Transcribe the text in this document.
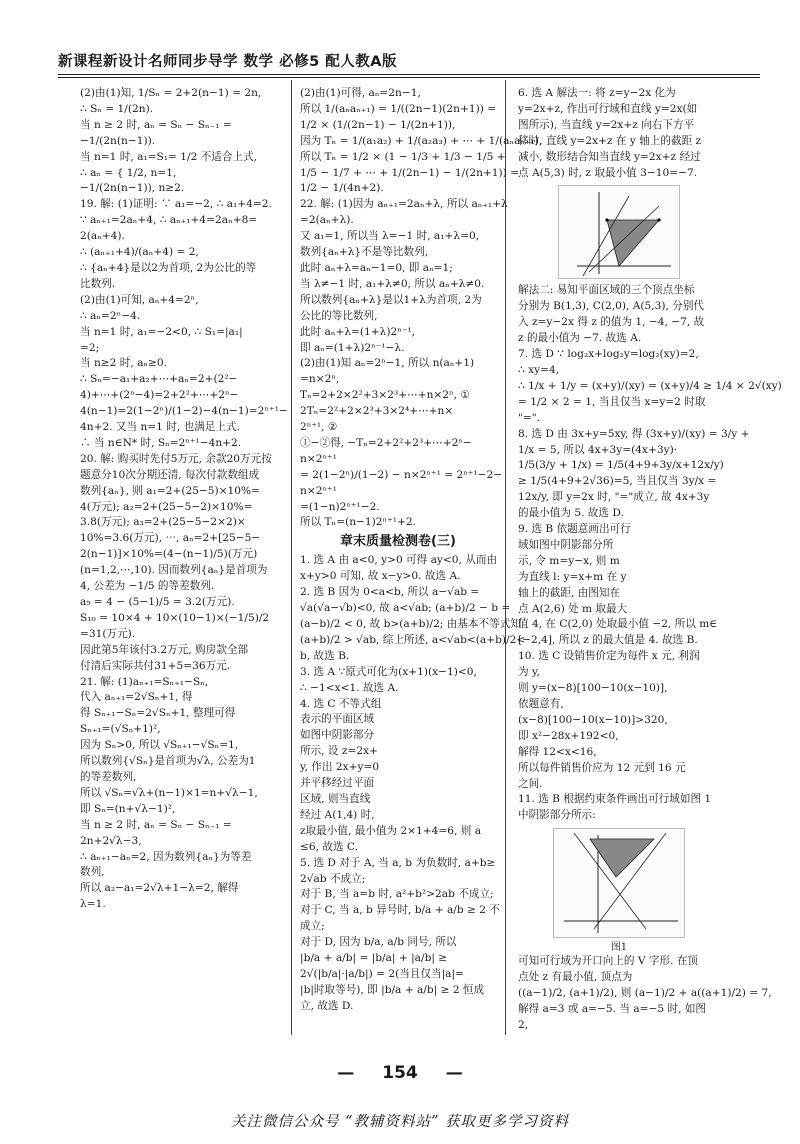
新课程新设计名师同步导学 数学 必修5 配人教A版
(2)由(1)知, 1/Sₙ = 2+2(n−1) = 2n,
∴ Sₙ = 1/(2n).
当 n ≥ 2 时, aₙ = Sₙ − Sₙ₋₁ =
−1/(2n(n−1)).
当 n=1 时, a₁=S₁= 1/2 不适合上式,
∴ aₙ = { 1/2, n=1,
−1/(2n(n−1)), n≥2.
19. 解: (1)证明: ∵ a₁=−2, ∴ a₁+4=2.
∵ aₙ₊₁=2aₙ+4, ∴ aₙ₊₁+4=2aₙ+8=
2(aₙ+4).
∴ (aₙ₊₁+4)/(aₙ+4) = 2,
∴ {aₙ+4}是以2为首项, 2为公比的等
比数列.
(2)由(1)可知, aₙ+4=2ⁿ,
∴ aₙ=2ⁿ−4.
当 n=1 时, a₁=−2<0, ∴ S₁=|a₁|
=2;
当 n≥2 时, aₙ≥0.
∴ Sₙ=−a₁+a₂+⋯+aₙ=2+(2²−
4)+⋯+(2ⁿ−4)=2+2²+⋯+2ⁿ−
4(n−1)=2(1−2ⁿ)/(1−2)−4(n−1)=2ⁿ⁺¹−
4n+2. 又当 n=1 时, 也满足上式.
∴ 当 n∈N* 时, Sₙ=2ⁿ⁺¹−4n+2.
20. 解: 购买时先付5万元, 余款20万元按
题意分10次分期还清, 每次付款数组成
数列{aₙ}, 则 a₁=2+(25−5)×10%=
4(万元); a₂=2+(25−5−2)×10%=
3.8(万元); a₃=2+(25−5−2×2)×
10%=3.6(万元), ⋯, aₙ=2+[25−5−
2(n−1)]×10%=(4−(n−1)/5)(万元)
(n=1,2,⋯,10). 因而数列{aₙ}是首项为
4, 公差为 −1/5 的等差数列.
a₅ = 4 − (5−1)/5 = 3.2(万元).
S₁₀ = 10×4 + 10×(10−1)×(−1/5)/2
=31(万元).
因此第5年该付3.2万元, 购房款全部
付清后实际共付31+5=36万元.
21. 解: (1)aₙ₊₁=Sₙ₊₁−Sₙ,
代入 aₙ₊₁=2√Sₙ+1, 得
得 Sₙ₊₁−Sₙ=2√Sₙ+1, 整理可得
Sₙ₊₁=(√Sₙ+1)²,
因为 Sₙ>0, 所以 √Sₙ₊₁−√Sₙ=1,
所以数列{√Sₙ}是首项为√λ, 公差为1
的等差数列,
所以 √Sₙ=√λ+(n−1)×1=n+√λ−1,
即 Sₙ=(n+√λ−1)²,
当 n ≥ 2 时, aₙ = Sₙ − Sₙ₋₁ =
2n+2√λ−3,
∴ aₙ₊₁−aₙ=2, 因为数列{aₙ}为等差
数列,
所以 a₂−a₁=2√λ+1−λ=2, 解得
λ=1.
(2)由(1)可得, aₙ=2n−1,
所以 1/(aₙaₙ₊₁) = 1/((2n−1)(2n+1)) =
1/2 × (1/(2n−1) − 1/(2n+1)),
因为 Tₙ = 1/(a₁a₂) + 1/(a₂a₃) + ⋯ + 1/(aₙaₙ₊₁),
所以 Tₙ = 1/2 × (1 − 1/3 + 1/3 − 1/5 +
1/5 − 1/7 + ⋯ + 1/(2n−1) − 1/(2n+1)) =
1/2 − 1/(4n+2).
22. 解: (1)因为 aₙ₊₁=2aₙ+λ, 所以 aₙ₊₁+λ
=2(aₙ+λ).
又 a₁=1, 所以当 λ=−1 时, a₁+λ=0,
数列{aₙ+λ}不是等比数列,
此时 aₙ+λ=aₙ−1=0, 即 aₙ=1;
当 λ≠−1 时, a₁+λ≠0, 所以 aₙ+λ≠0.
所以数列{aₙ+λ}是以1+λ为首项, 2为
公比的等比数列,
此时 aₙ+λ=(1+λ)2ⁿ⁻¹,
即 aₙ=(1+λ)2ⁿ⁻¹−λ.
(2)由(1)知 aₙ=2ⁿ−1, 所以 n(aₙ+1)
=n×2ⁿ,
Tₙ=2+2×2²+3×2³+⋯+n×2ⁿ, ①
2Tₙ=2²+2×2³+3×2⁴+⋯+n×
2ⁿ⁺¹, ②
①−②得, −Tₙ=2+2²+2³+⋯+2ⁿ−
n×2ⁿ⁺¹
= 2(1−2ⁿ)/(1−2) − n×2ⁿ⁺¹ = 2ⁿ⁺¹−2−
n×2ⁿ⁺¹
=(1−n)2ⁿ⁺¹−2.
所以 Tₙ=(n−1)2ⁿ⁺¹+2.
章末质量检测卷(三)
1. 选 A 由 a<0, y>0 可得 ay<0, 从而由
x+y>0 可知, 故 x−y>0. 故选 A.
2. 选 B 因为 0<a<b, 所以 a−√ab =
√a(√a−√b)<0, 故 a<√ab; (a+b)/2 − b =
(a−b)/2 < 0, 故 b>(a+b)/2; 由基本不等式知
(a+b)/2 > √ab, 综上所述, a<√ab<(a+b)/2<
b, 故选 B.
3. 选 A ∵原式可化为(x+1)(x−1)<0,
∴ −1<x<1. 故选 A.
4. 选 C 不等式组
表示的平面区域
如图中阴影部分
所示, 设 z=2x+
y, 作出 2x+y=0
并平移经过平面
区域, 则当直线
经过 A(1,4) 时,
z取最小值, 最小值为 2×1+4=6, 则 a
≤6, 故选 C.
5. 选 D 对于 A, 当 a, b 为负数时, a+b≥
2√ab 不成立;
对于 B, 当 a=b 时, a²+b²>2ab 不成立;
对于 C, 当 a, b 异号时, b/a + a/b ≥ 2 不
成立;
对于 D, 因为 b/a, a/b 同号, 所以
|b/a + a/b| = |b/a| + |a/b| ≥
2√(|b/a|·|a/b|) = 2(当且仅当|a|=
|b|时取等号), 即 |b/a + a/b| ≥ 2 恒成
立, 故选 D.
6. 选 A 解法一: 将 z=y−2x 化为
y=2x+z, 作出可行域和直线 y=2x(如
图所示), 当直线 y=2x+z 向右下方平
移时, 直线 y=2x+z 在 y 轴上的截距 z
减小, 数形结合知当直线 y=2x+z 经过
点 A(5,3) 时, z 取最小值 3−10=−7.
解法二: 易知平面区域的三个顶点坐标
分别为 B(1,3), C(2,0), A(5,3), 分别代
入 z=y−2x 得 z 的值为 1, −4, −7, 故
z 的最小值为 −7. 故选 A.
7. 选 D ∵ log₂x+log₂y=log₂(xy)=2,
∴ xy=4,
∴ 1/x + 1/y = (x+y)/(xy) = (x+y)/4 ≥ 1/4 × 2√(xy)
= 1/2 × 2 = 1, 当且仅当 x=y=2 时取
"=".
8. 选 D 由 3x+y=5xy, 得 (3x+y)/(xy) = 3/y +
1/x = 5, 所以 4x+3y=(4x+3y)·
1/5(3/y + 1/x) = 1/5(4+9+3y/x+12x/y)
≥ 1/5(4+9+2√36)=5, 当且仅当 3y/x =
12x/y, 即 y=2x 时, "="成立, 故 4x+3y
的最小值为 5. 故选 D.
9. 选 B 依题意画出可行
域如图中阴影部分所
示, 令 m=y−x, 则 m
为直线 l: y=x+m 在 y
轴上的截距, 由图知在
点 A(2,6) 处 m 取最大
值 4, 在 C(2,0) 处取最小值 −2, 所以 m∈
[−2,4], 所以 z 的最大值是 4. 故选 B.
10. 选 C 设销售价定为每件 x 元, 利润
为 y,
则 y=(x−8)[100−10(x−10)],
依题意有,
(x−8)[100−10(x−10)]>320,
即 x²−28x+192<0,
解得 12<x<16,
所以每件销售价应为 12 元到 16 元
之间.
11. 选 B 根据约束条件画出可行域如图 1
中阴影部分所示:
图1
可知可行域为开口向上的 V 字形. 在顶
点处 z 有最小值, 顶点为
((a−1)/2, (a+1)/2), 则 (a−1)/2 + a((a+1)/2) = 7,
解得 a=3 或 a=−5. 当 a=−5 时, 如图
2,
— 154 —
关注微信公众号 “教辅资料站” 获取更多学习资料
